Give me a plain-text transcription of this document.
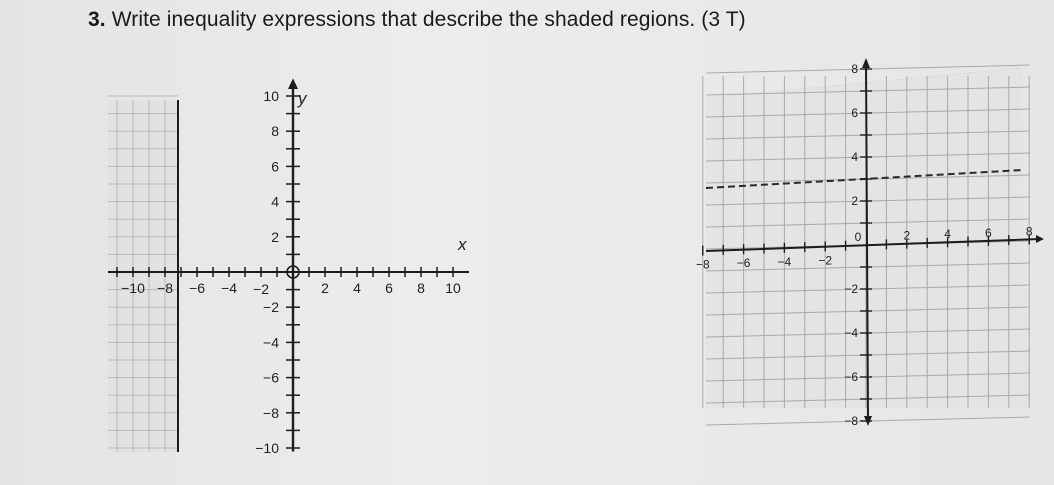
3. Write inequality expressions that describe the shaded regions. (3 T)
−10 −8 −6 −4 −2	2 4 6 8 10
10
8
6
4
2
−2
−4
−6
−8
−10
x
y
−8 −6 −4 −2
0	2	4	6	8
8
6
4
2
−2
−4
−6
−8
